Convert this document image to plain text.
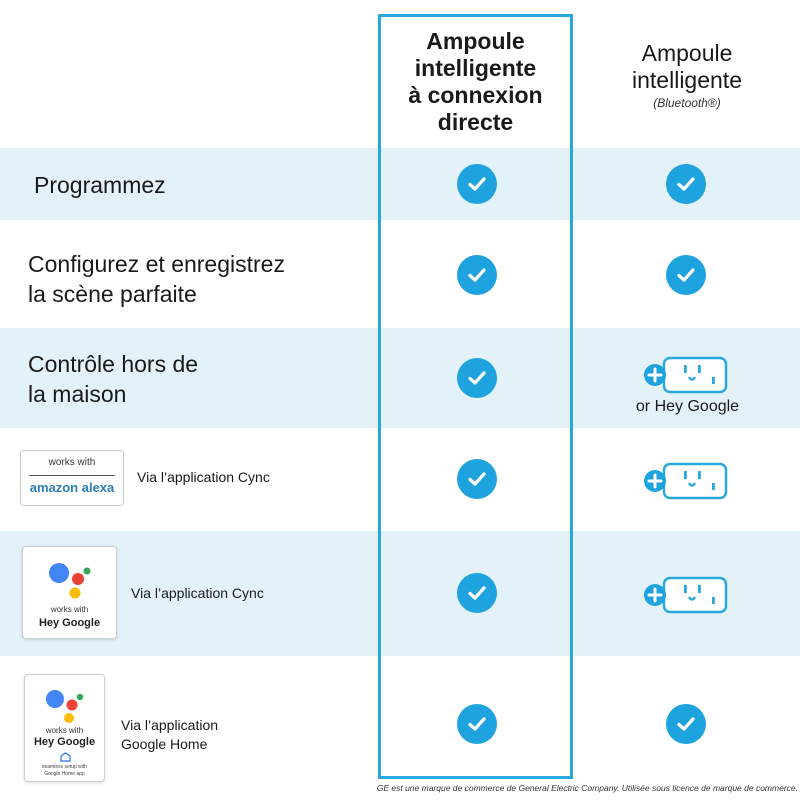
Ampoule
intelligente
à connexion
directe
Ampoule
intelligente
(Bluetooth®)
Programmez
Configurez et enregistrez
la scène parfaite
Contrôle hors de
la maison
works with
amazon alexa
works with
Hey Google
works with
Hey Google
seamless setup with
Google Home app
Via l’application Cync
Via l’application Cync
Via l’application
Google Home
or Hey Google
GE est une marque de commerce de General Electric Company. Utilisée sous licence de marque de commerce.
